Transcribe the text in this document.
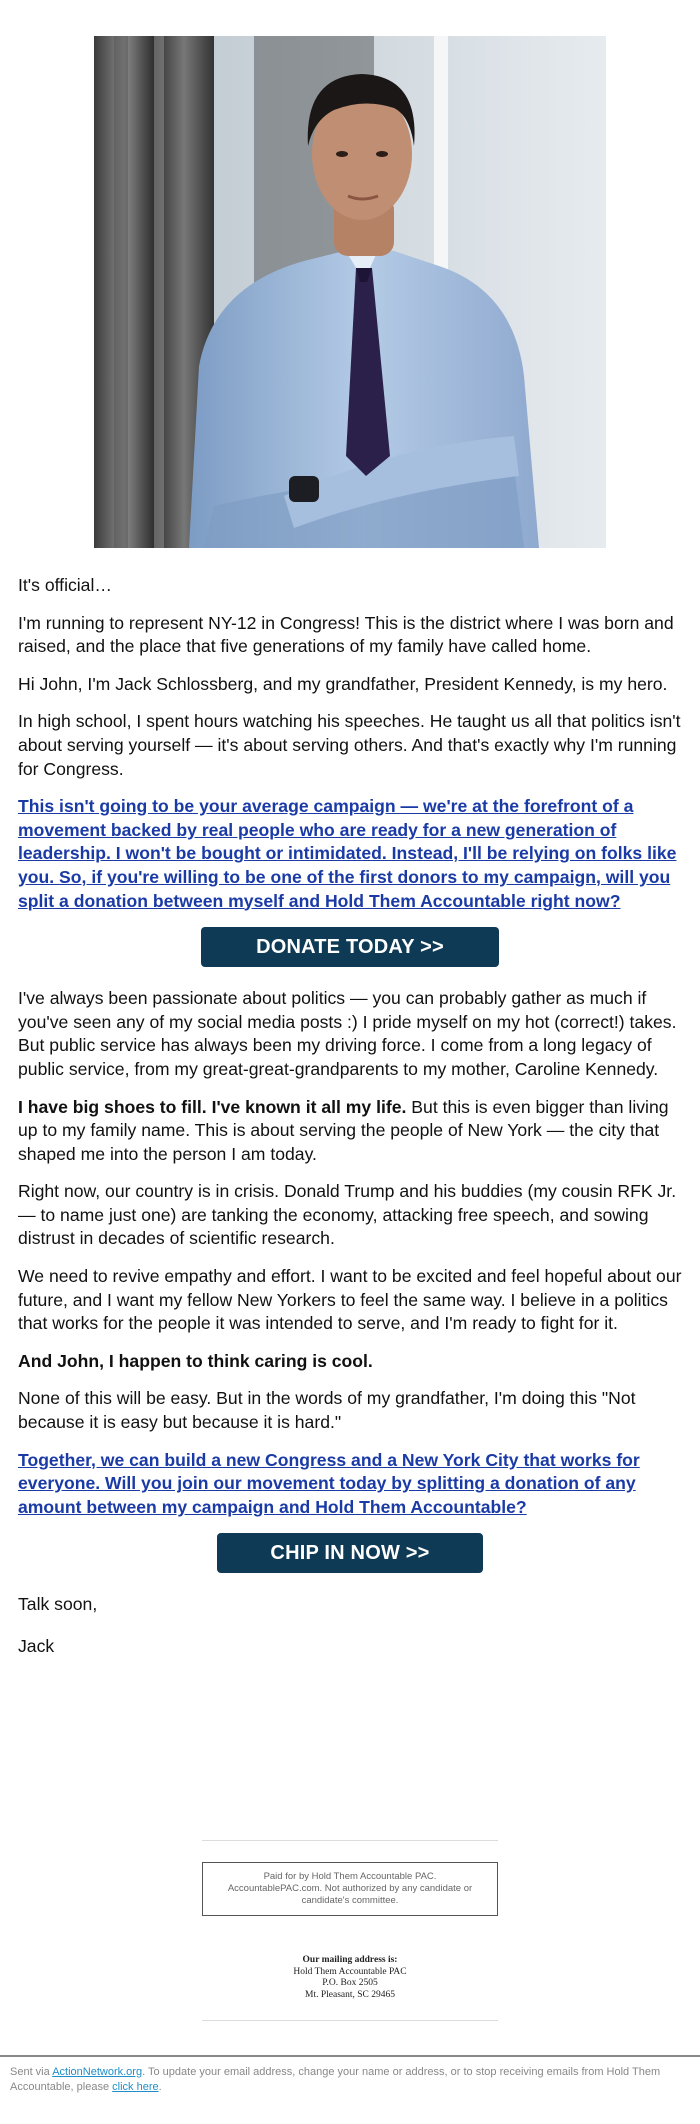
It's official…

I'm running to represent NY-12 in Congress! This is the district where I was born and raised, and the place that five generations of my family have called home.

Hi John, I'm Jack Schlossberg, and my grandfather, President Kennedy, is my hero.

In high school, I spent hours watching his speeches. He taught us all that politics isn't about serving yourself — it's about serving others. And that's exactly why I'm running for Congress.

This isn't going to be your average campaign — we're at the forefront of a movement backed by real people who are ready for a new generation of leadership. I won't be bought or intimidated. Instead, I'll be relying on folks like you. So, if you're willing to be one of the first donors to my campaign, will you split a donation between myself and Hold Them Accountable right now?

DONATE TODAY >>

I've always been passionate about politics — you can probably gather as much if you've seen any of my social media posts :) I pride myself on my hot (correct!) takes. But public service has always been my driving force. I come from a long legacy of public service, from my great-great-grandparents to my mother, Caroline Kennedy.

I have big shoes to fill. I've known it all my life. But this is even bigger than living up to my family name. This is about serving the people of New York — the city that shaped me into the person I am today.

Right now, our country is in crisis. Donald Trump and his buddies (my cousin RFK Jr. — to name just one) are tanking the economy, attacking free speech, and sowing distrust in decades of scientific research.

We need to revive empathy and effort. I want to be excited and feel hopeful about our future, and I want my fellow New Yorkers to feel the same way. I believe in a politics that works for the people it was intended to serve, and I'm ready to fight for it.

And John, I happen to think caring is cool.

None of this will be easy. But in the words of my grandfather, I'm doing this "Not because it is easy but because it is hard."

Together, we can build a new Congress and a New York City that works for everyone. Will you join our movement today by splitting a donation of any amount between my campaign and Hold Them Accountable?

CHIP IN NOW >>

Talk soon,

Jack

Paid for by Hold Them Accountable PAC.
AccountablePAC.com. Not authorized by any candidate or
candidate's committee.
Our mailing address is:
Hold Them Accountable PAC
P.O. Box 2505
Mt. Pleasant, SC 29465
Sent via ActionNetwork.org. To update your email address, change your name or address, or to stop receiving emails from Hold Them Accountable, please click here.
